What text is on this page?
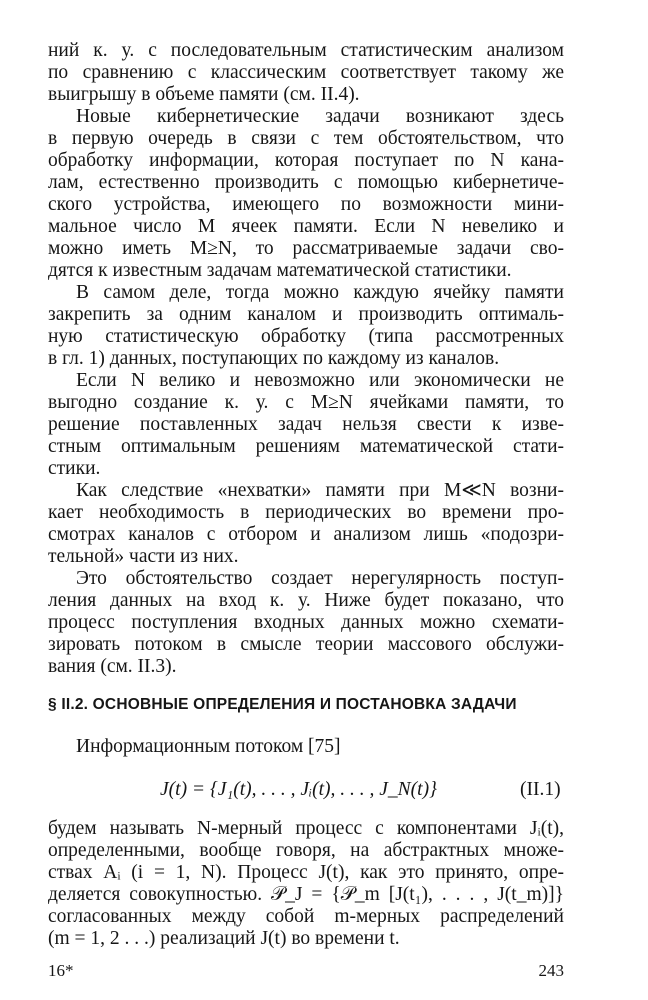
ний к. у. с последовательным статистическим анализом
по сравнению с классическим соответствует такому же
выигрышу в объеме памяти (см. II.4).
Новые кибернетические задачи возникают здесь
в первую очередь в связи с тем обстоятельством, что
обработку информации, которая поступает по N кана-
лам, естественно производить с помощью кибернетиче-
ского устройства, имеющего по возможности мини-
мальное число M ячеек памяти. Если N невелико и
можно иметь M≥N, то рассматриваемые задачи сво-
дятся к известным задачам математической статистики.
В самом деле, тогда можно каждую ячейку памяти
закрепить за одним каналом и производить оптималь-
ную статистическую обработку (типа рассмотренных
в гл. 1) данных, поступающих по каждому из каналов.
Если N велико и невозможно или экономически не
выгодно создание к. у. с M≥N ячейками памяти, то
решение поставленных задач нельзя свести к изве-
стным оптимальным решениям математической стати-
стики.
Как следствие «нехватки» памяти при M≪N возни-
кает необходимость в периодических во времени про-
смотрах каналов с отбором и анализом лишь «подозри-
тельной» части из них.
Это обстоятельство создает нерегулярность поступ-
ления данных на вход к. у. Ниже будет показано, что
процесс поступления входных данных можно схемати-
зировать потоком в смысле теории массового обслужи-
вания (см. II.3).
§ II.2. ОСНОВНЫЕ ОПРЕДЕЛЕНИЯ И ПОСТАНОВКА ЗАДАЧИ
Информационным потоком [75]
J(t) = {J₁(t), . . . , Jᵢ(t), . . . , J_N(t)}	(II.1)
будем называть N-мерный процесс с компонентами Jᵢ(t),
определенными, вообще говоря, на абстрактных множе-
ствах Aᵢ (i = 1, N). Процесс J(t), как это принято, опре-
деляется совокупностью. 𝒫_J = {𝒫_m [J(t₁), . . . , J(t_m)]}
согласованных между собой m-мерных распределений
(m = 1, 2 . . .) реализаций J(t) во времени t.
16*	243
